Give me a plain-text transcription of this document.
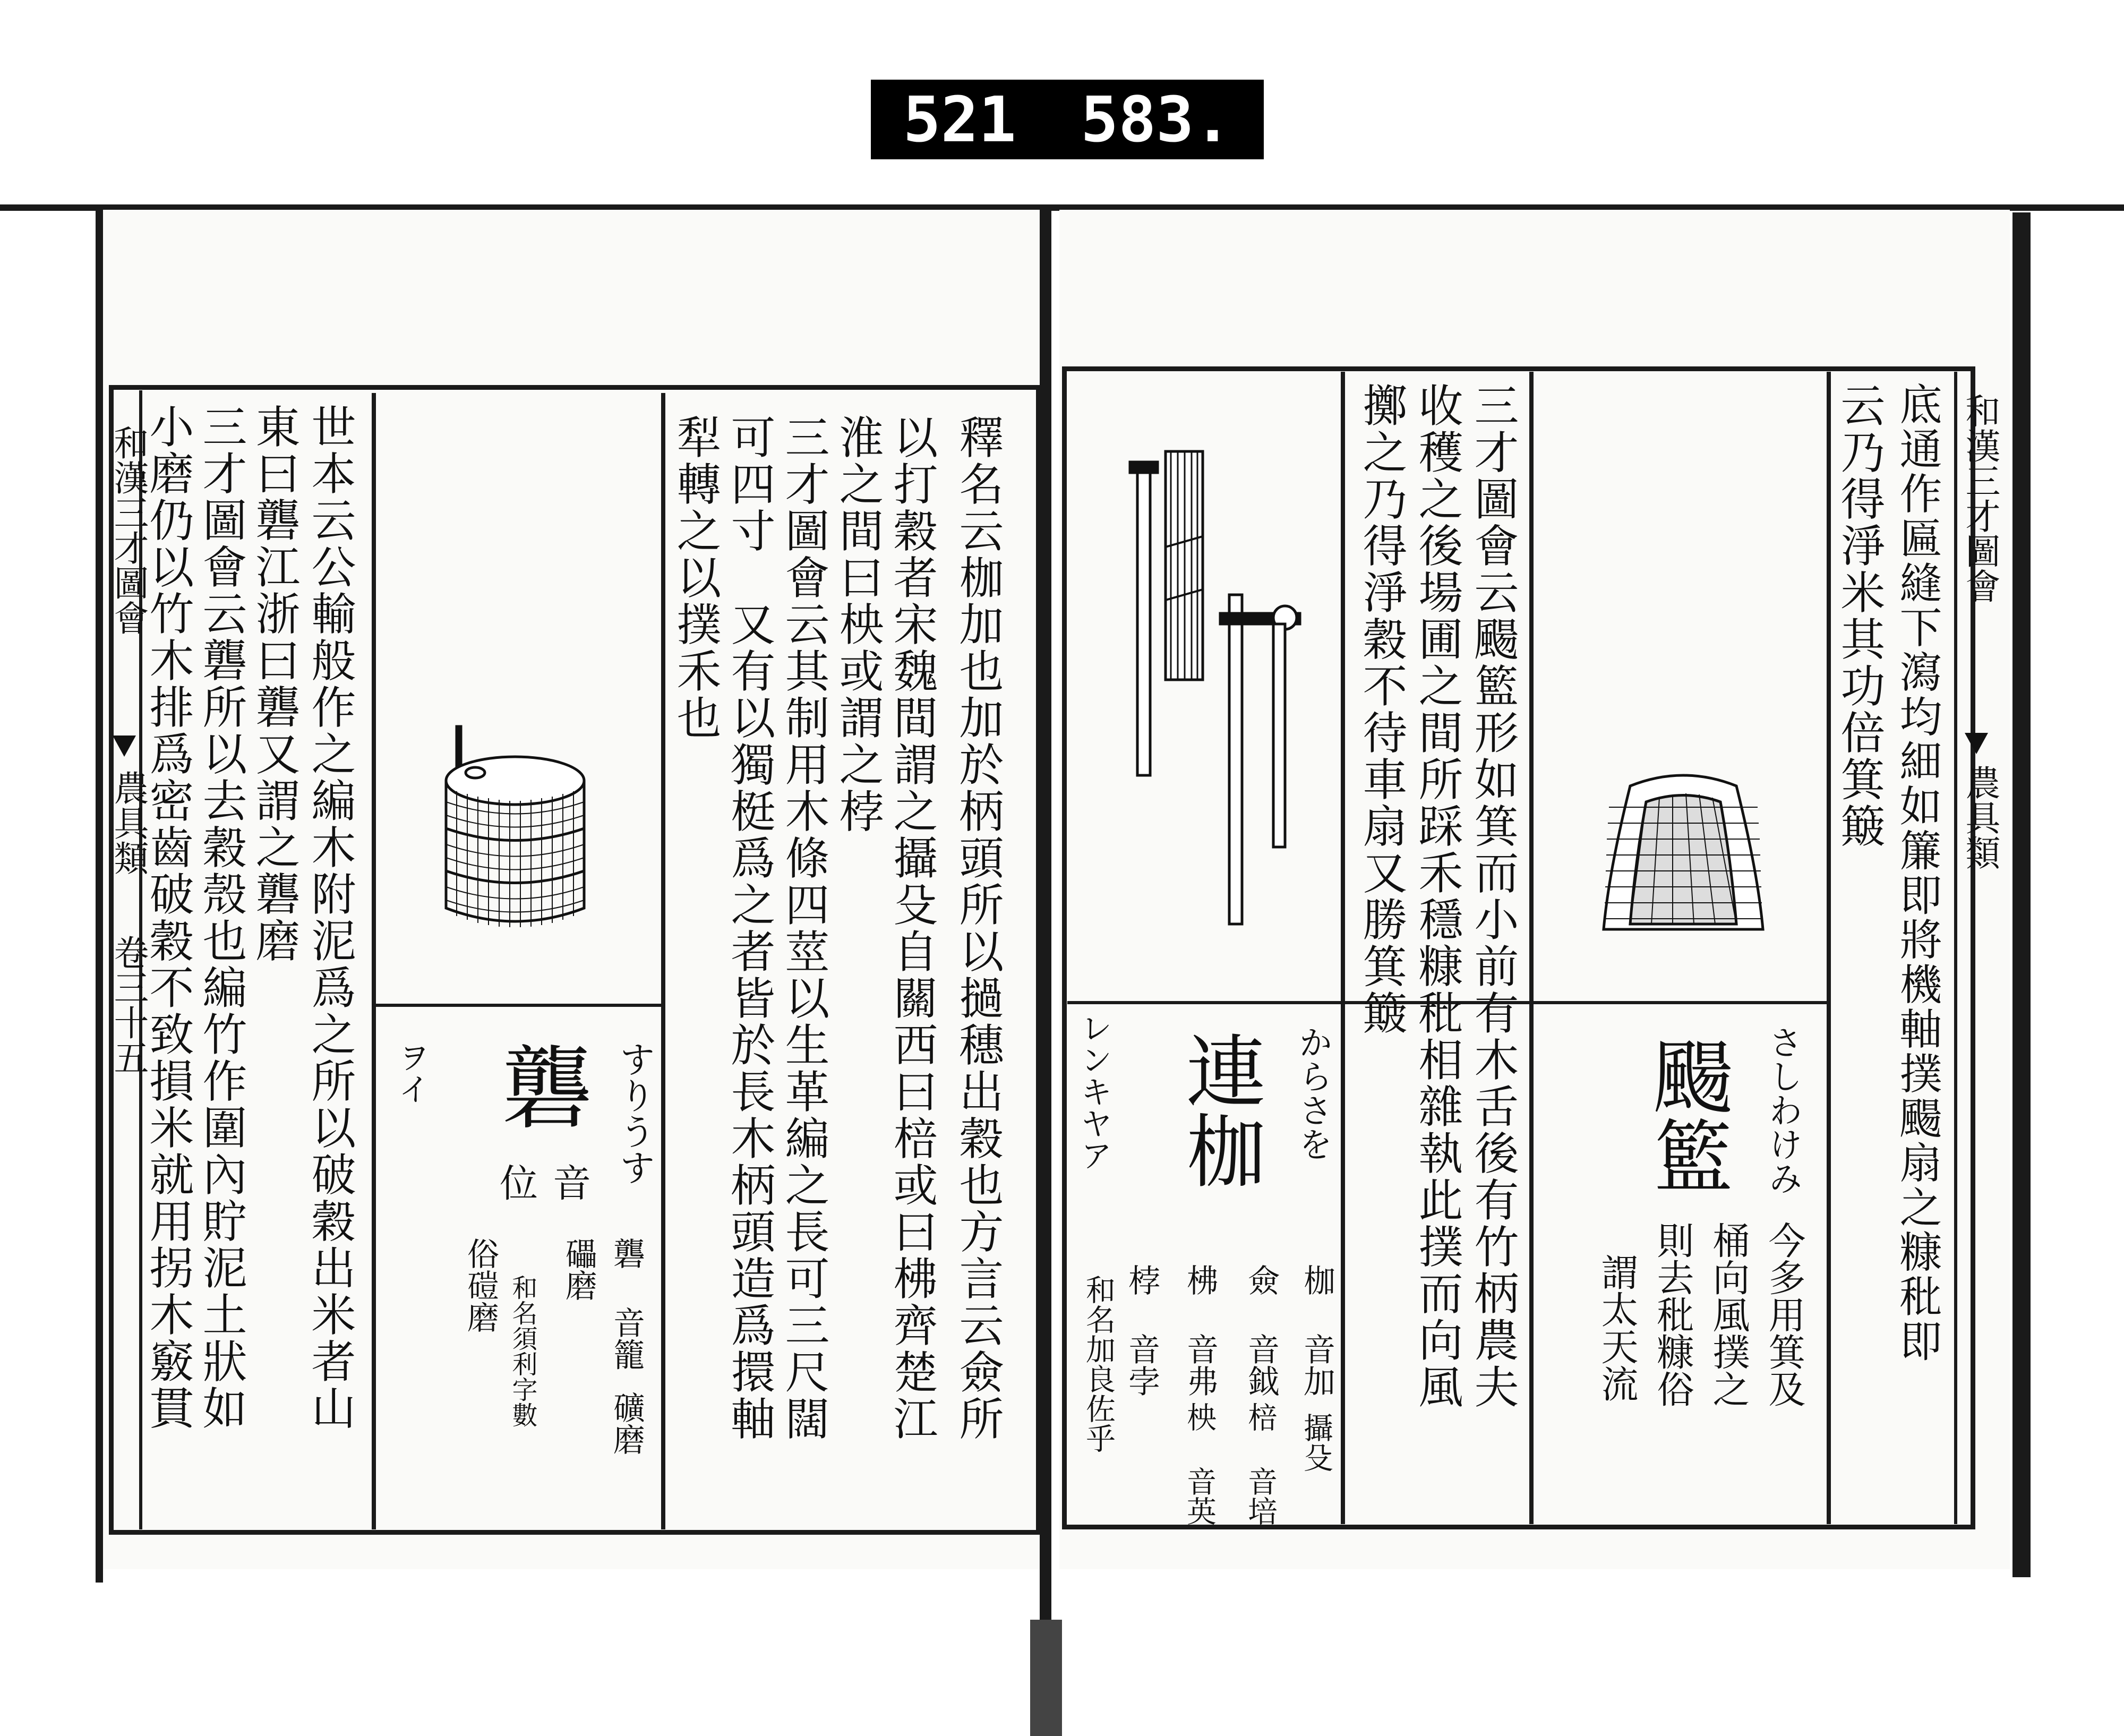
521 583.
和漢三才圖會
農具類
卷三十五
小磨仍以竹木排爲密齒破穀不致損米就用拐木竅貫 三才圖會云礱所以去穀殼也編竹作圍內貯泥土狀如 東曰礱江浙曰礱又謂之礱磨 世本云公輸般作之編木附泥爲之所以破穀出米者山 ヲイ 礱
位 音 すりうす
俗磑磨 和名須利字數
礧磨 礱 音籠
礦磨
犁轉之以撲禾也 可四寸　又有以獨梃爲之者皆於長木柄頭造爲擐軸 三才圖會云其制用木條四莖以生革編之長可三尺闊 淮之間曰柍或謂之桲 以打穀者宋魏間謂之攝殳自關西曰棓或曰柫齊楚江 釋名云枷加也加於柄頭所以撾穗出穀也方言云僉所	和漢三才圖會
農具類
レンキヤア 連枷 からさを
和名加良佐乎 桲 音孛 柫 音弗
柍 音英
僉 音鉞
棓 音培
枷 音加
攝殳
擲之乃得淨穀不待車扇又勝箕簸 收穫之後場圃之間所踩禾穩糠秕相雜執此撲而向風 三才圖會云颺籃形如箕而小前有木舌後有竹柄農夫 謂太天流 則去秕糠俗
颺籃
桶向風撲之 今多用箕及
さしわけみ
云乃得淨米其功倍箕簸 底通作匾縫下瀉均細如簾即將機軸撲颺扇之糠秕即
